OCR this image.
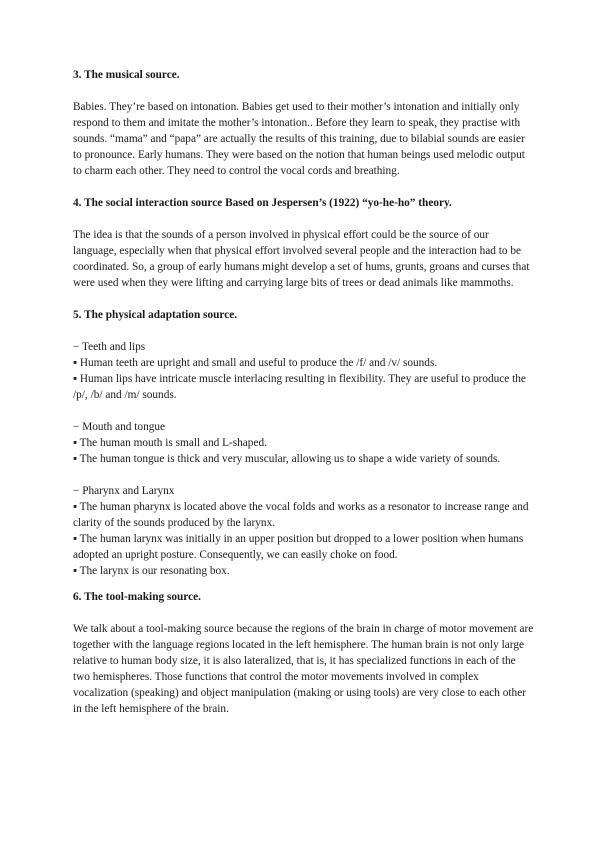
3. The musical source.

Babies. They’re based on intonation. Babies get used to their mother’s intonation and initially only respond to them and imitate the mother’s intonation.. Before they learn to speak, they practise with sounds. “mama” and “papa” are actually the results of this training, due to bilabial sounds are easier to pronounce. Early humans. They were based on the notion that human beings used melodic output to charm each other. They need to control the vocal cords and breathing.

4. The social interaction source Based on Jespersen’s (1922) “yo-he-ho” theory.

The idea is that the sounds of a person involved in physical effort could be the source of our language, especially when that physical effort involved several people and the interaction had to be coordinated. So, a group of early humans might develop a set of hums, grunts, groans and curses that were used when they were lifting and carrying large bits of trees or dead animals like mammoths.

5. The physical adaptation source.

− Teeth and lips

▪ Human teeth are upright and small and useful to produce the /f/ and /v/ sounds.

▪ Human lips have intricate muscle interlacing resulting in flexibility. They are useful to produce the /p/, /b/ and /m/ sounds.

− Mouth and tongue

▪ The human mouth is small and L-shaped.

▪ The human tongue is thick and very muscular, allowing us to shape a wide variety of sounds.

− Pharynx and Larynx

▪ The human pharynx is located above the vocal folds and works as a resonator to increase range and clarity of the sounds produced by the larynx.

▪ The human larynx was initially in an upper position but dropped to a lower position when humans adopted an upright posture. Consequently, we can easily choke on food.

▪ The larynx is our resonating box.

6. The tool-making source.

We talk about a tool-making source because the regions of the brain in charge of motor movement are together with the language regions located in the left hemisphere. The human brain is not only large relative to human body size, it is also lateralized, that is, it has specialized functions in each of the two hemispheres. Those functions that control the motor movements involved in complex vocalization (speaking) and object manipulation (making or using tools) are very close to each other in the left hemisphere of the brain.
